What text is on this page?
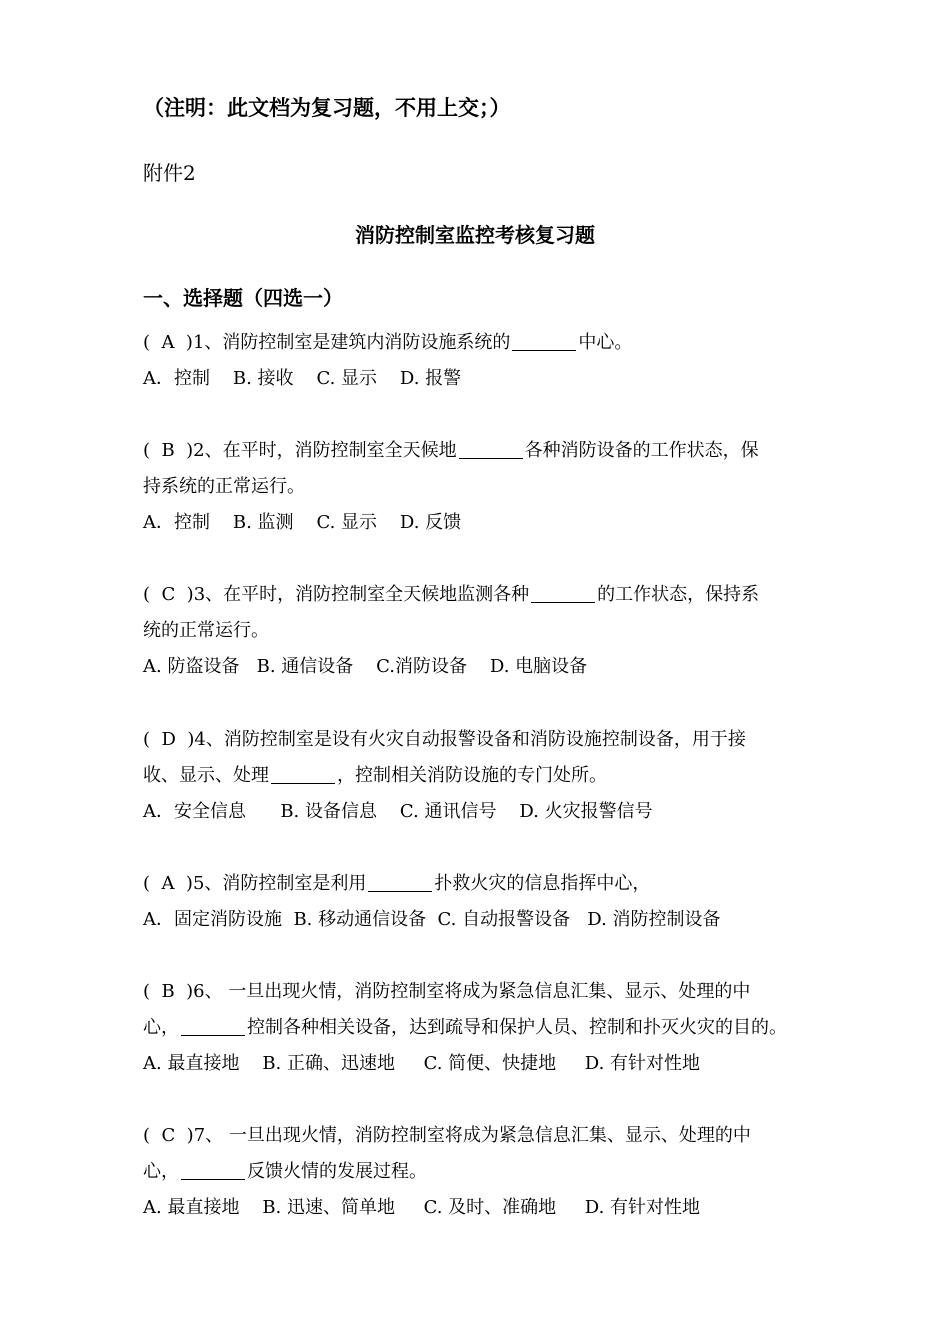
（注明：此文档为复习题，不用上交；）
附件2
消防控制室监控考核复习题
一、选择题（四选一）
(  A  )1、消防控制室是建筑内消防设施系统的	中心。
A．控制    B. 接收    C. 显示    D. 报警
(  B  )2、在平时，消防控制室全天候地	各种消防设备的工作状态，保
持系统的正常运行。
A．控制    B. 监测    C. 显示    D. 反馈
(  C  )3、在平时，消防控制室全天候地监测各种	的工作状态，保持系
统的正常运行。
A. 防盗设备   B. 通信设备    C.消防设备    D. 电脑设备
(  D  )4、消防控制室是设有火灾自动报警设备和消防设施控制设备，用于接
收、显示、处理	，控制相关消防设施的专门处所。
A．安全信息      B. 设备信息    C. 通讯信号    D. 火灾报警信号
(  A  )5、消防控制室是利用	扑救火灾的信息指挥中心，
A．固定消防设施  B. 移动通信设备  C. 自动报警设备   D. 消防控制设备
(  B  )6、 一旦出现火情，消防控制室将成为紧急信息汇集、显示、处理的中
心，	控制各种相关设备，达到疏导和保护人员、控制和扑灭火灾的目的。
A. 最直接地    B. 正确、迅速地     C. 简便、快捷地     D. 有针对性地
(  C  )7、 一旦出现火情，消防控制室将成为紧急信息汇集、显示、处理的中
心，	反馈火情的发展过程。
A. 最直接地    B. 迅速、简单地     C. 及时、准确地     D. 有针对性地
